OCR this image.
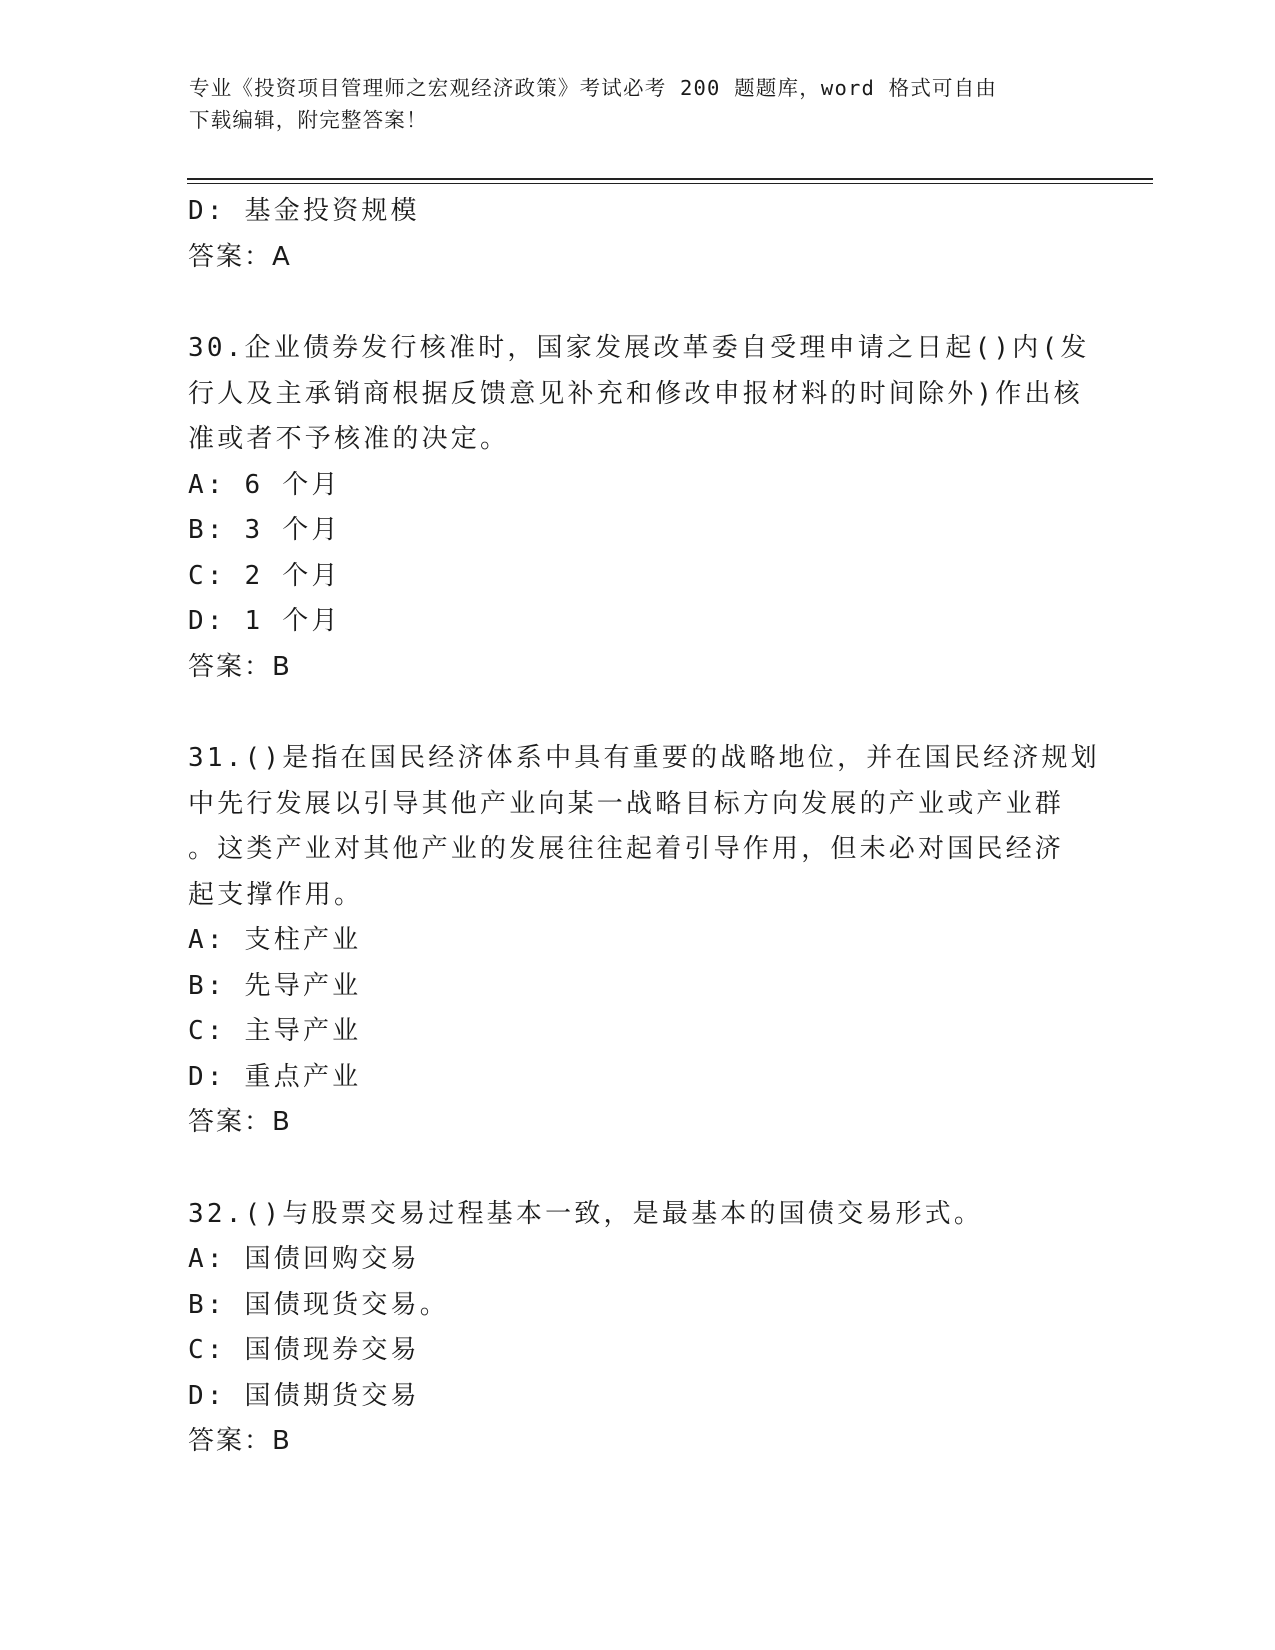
专业《投资项目管理师之宏观经济政策》考试必考 200 题题库，word 格式可自由
下载编辑，附完整答案！
D: 基金投资规模
答案：A
30.企业债券发行核准时，国家发展改革委自受理申请之日起()内(发
行人及主承销商根据反馈意见补充和修改申报材料的时间除外)作出核
准或者不予核准的决定。
A: 6 个月
B: 3 个月
C: 2 个月
D: 1 个月
答案：B
31.()是指在国民经济体系中具有重要的战略地位，并在国民经济规划
中先行发展以引导其他产业向某一战略目标方向发展的产业或产业群
。这类产业对其他产业的发展往往起着引导作用，但未必对国民经济
起支撑作用。
A: 支柱产业
B: 先导产业
C: 主导产业
D: 重点产业
答案：B
32.()与股票交易过程基本一致，是最基本的国债交易形式。
A: 国债回购交易
B: 国债现货交易。
C: 国债现券交易
D: 国债期货交易
答案：B
